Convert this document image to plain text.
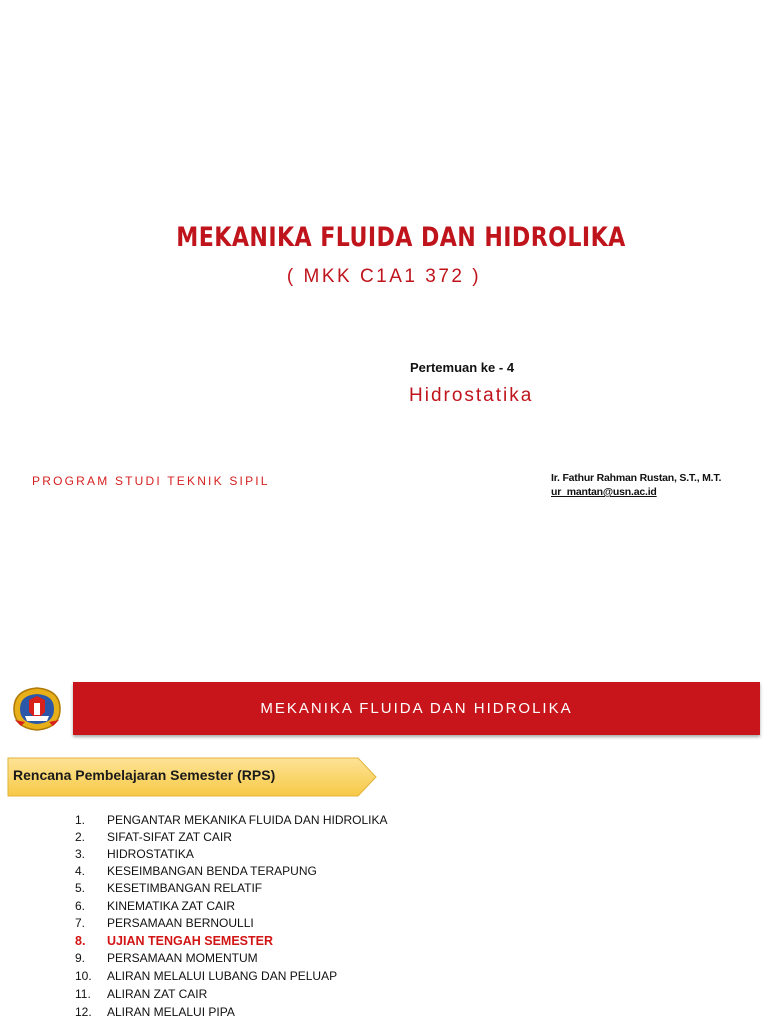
MEKANIKA FLUIDA DAN HIDROLIKA
( MKK C1A1 372 )
Pertemuan ke - 4
Hidrostatika
PROGRAM STUDI TEKNIK SIPIL	Ir. Fathur Rahman Rustan, S.T., M.T.
ur_mantan@usn.ac.id
MEKANIKA FLUIDA DAN HIDROLIKA
Rencana Pembelajaran Semester (RPS)
1. PENGANTAR MEKANIKA FLUIDA DAN HIDROLIKA
2. SIFAT-SIFAT ZAT CAIR
3. HIDROSTATIKA
4. KESEIMBANGAN BENDA TERAPUNG
5. KESETIMBANGAN RELATIF
6. KINEMATIKA ZAT CAIR
7. PERSAMAAN BERNOULLI
8. UJIAN TENGAH SEMESTER
9. PERSAMAAN MOMENTUM
10. ALIRAN MELALUI LUBANG DAN PELUAP
11. ALIRAN ZAT CAIR
12. ALIRAN MELALUI PIPA
